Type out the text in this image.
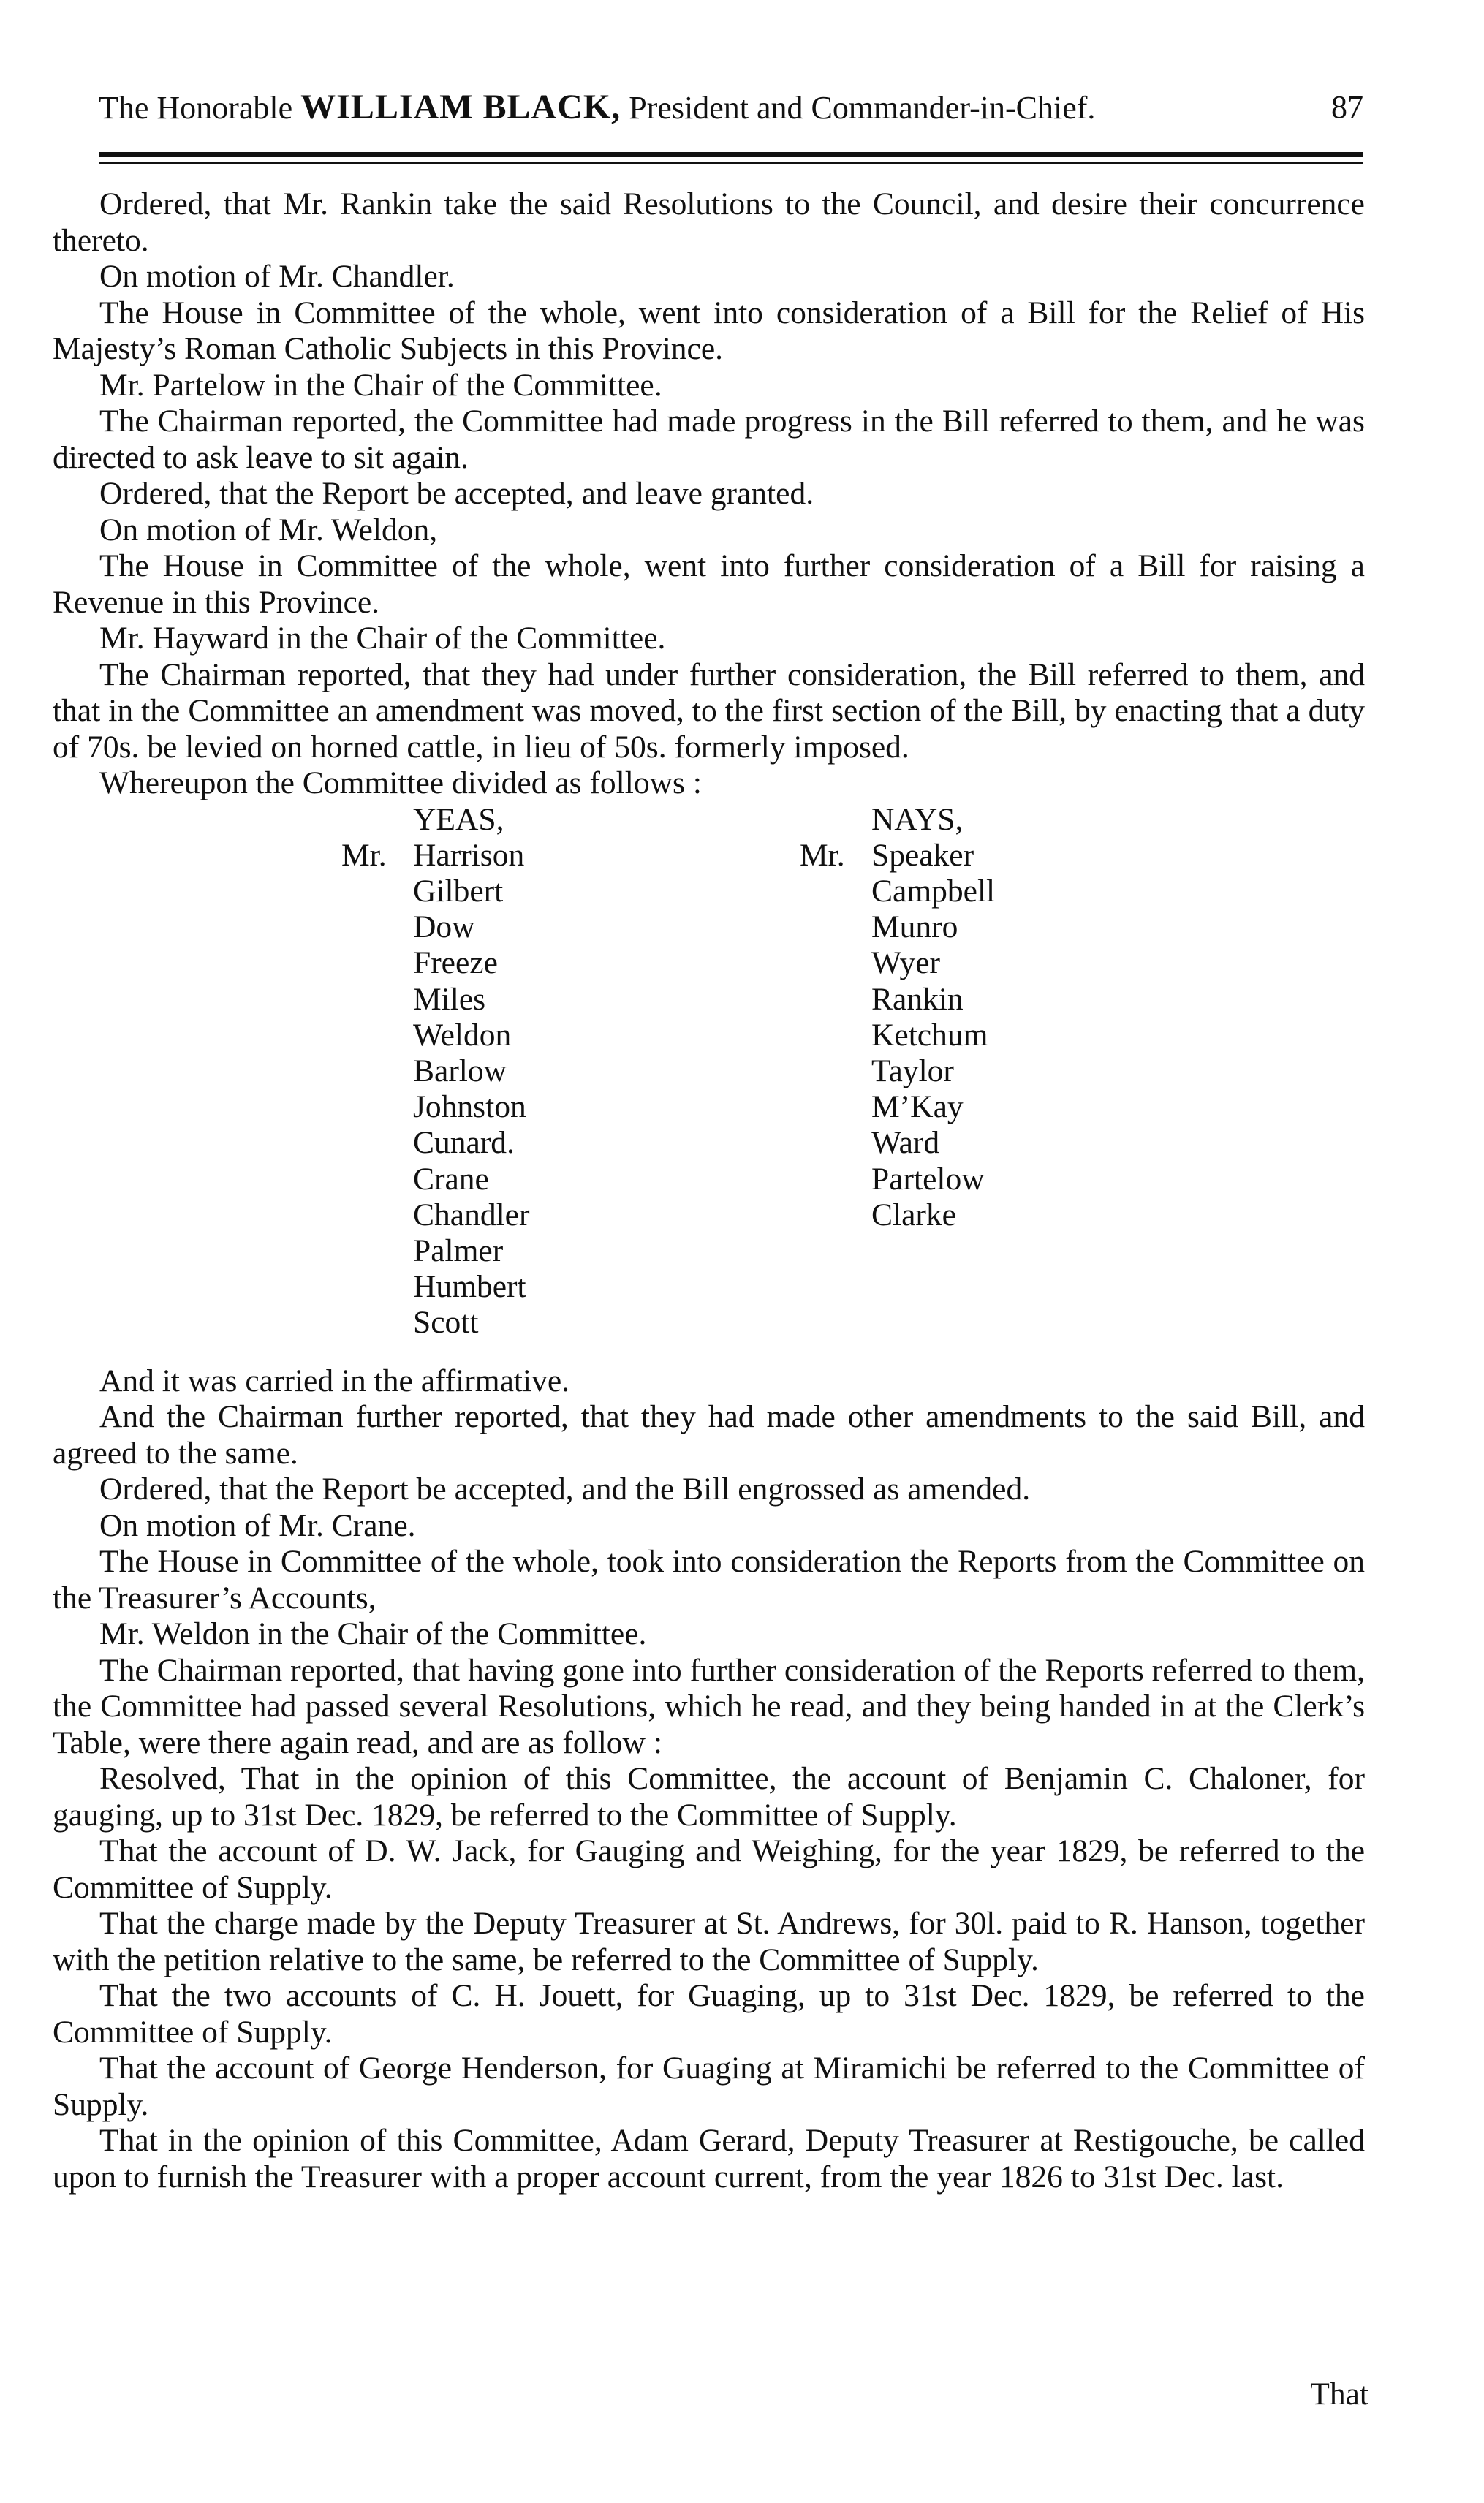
The Honorable WILLIAM BLACK, President and Commander-in-Chief.	87

Ordered, that Mr. Rankin take the said Resolutions to the Council, and desire their concurrence thereto.

On motion of Mr. Chandler.

The House in Committee of the whole, went into consideration of a Bill for the Relief of His Majesty’s Roman Catholic Subjects in this Province.

Mr. Partelow in the Chair of the Committee.

The Chairman reported, the Committee had made progress in the Bill referred to them, and he was directed to ask leave to sit again.

Ordered, that the Report be accepted, and leave granted.

On motion of Mr. Weldon,

The House in Committee of the whole, went into further consideration of a Bill for raising a Revenue in this Province.

Mr. Hayward in the Chair of the Committee.

The Chairman reported, that they had under further consideration, the Bill referred to them, and that in the Committee an amendment was moved, to the first section of the Bill, by enacting that a duty of 70s. be levied on horned cattle, in lieu of 50s. formerly imposed.

Whereupon the Committee divided as follows :

YEAS,
Mr. Harrison
Gilbert
Dow
Freeze
Miles
Weldon
Barlow
Johnston
Cunard.
Crane
Chandler
Palmer
Humbert
Scott
NAYS,
Mr. Speaker
Campbell
Munro
Wyer
Rankin
Ketchum
Taylor
M’Kay
Ward
Partelow
Clarke

And it was carried in the affirmative.

And the Chairman further reported, that they had made other amendments to the said Bill, and agreed to the same.

Ordered, that the Report be accepted, and the Bill engrossed as amended.

On motion of Mr. Crane.

The House in Committee of the whole, took into consideration the Reports from the Committee on the Treasurer’s Accounts,

Mr. Weldon in the Chair of the Committee.

The Chairman reported, that having gone into further consideration of the Reports referred to them, the Committee had passed several Resolutions, which he read, and they being handed in at the Clerk’s Table, were there again read, and are as follow :

Resolved, That in the opinion of this Committee, the account of Benjamin C. Chaloner, for gauging, up to 31st Dec. 1829, be referred to the Committee of Supply.

That the account of D. W. Jack, for Gauging and Weighing, for the year 1829, be referred to the Committee of Supply.

That the charge made by the Deputy Treasurer at St. Andrews, for 30l. paid to R. Hanson, together with the petition relative to the same, be referred to the Committee of Supply.

That the two accounts of C. H. Jouett, for Guaging, up to 31st Dec. 1829, be referred to the Committee of Supply.

That the account of George Henderson, for Guaging at Miramichi be referred to the Committee of Supply.

That in the opinion of this Committee, Adam Gerard, Deputy Treasurer at Restigouche, be called upon to furnish the Treasurer with a proper account current, from the year 1826 to 31st Dec. last.

That
